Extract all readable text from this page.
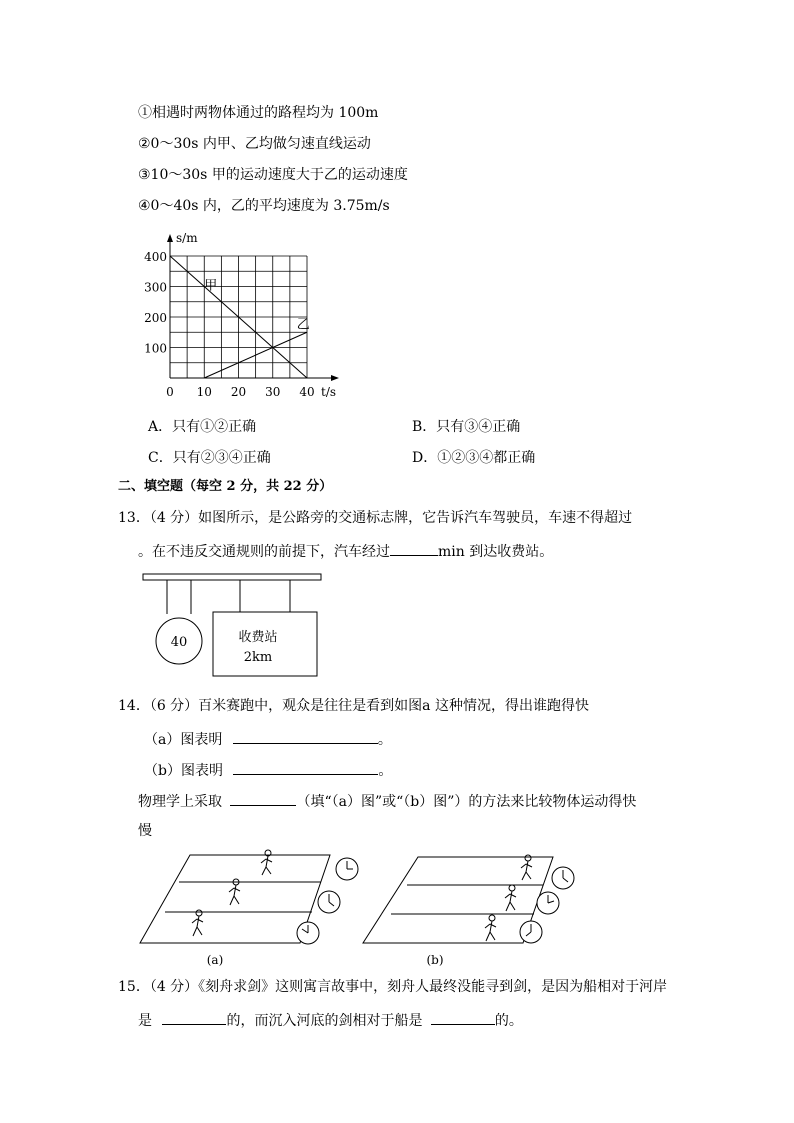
①相遇时两物体通过的路程均为 100m
②0～30s 内甲、乙均做匀速直线运动
③10～30s 甲的运动速度大于乙的运动速度
④0～40s 内，乙的平均速度为 3.75m/s
甲
乙
100
200
300
400
0 10 20 30 40 t/s
s/m
A．只有①②正确	B．只有③④正确
C．只有②③④正确	D．①②③④都正确
二、填空题（每空 2 分，共 22 分）
13．（4 分）如图所示，是公路旁的交通标志牌，它告诉汽车驾驶员，车速不得超过
。在不违反交通规则的前提下，汽车经过	min 到达收费站。
40	收费站
2km
14．（6 分）百米赛跑中，观众是往往是看到如图a 这种情况，得出谁跑得快
（a）图表明	。
（b）图表明	。
物理学上采取	（填“（a）图”或“（b）图”）的方法来比较物体运动得快
慢
(a)	(b)
15．（4 分）《刻舟求剑》这则寓言故事中，刻舟人最终没能寻到剑，是因为船相对于河岸
是	的，而沉入河底的剑相对于船是	的。
